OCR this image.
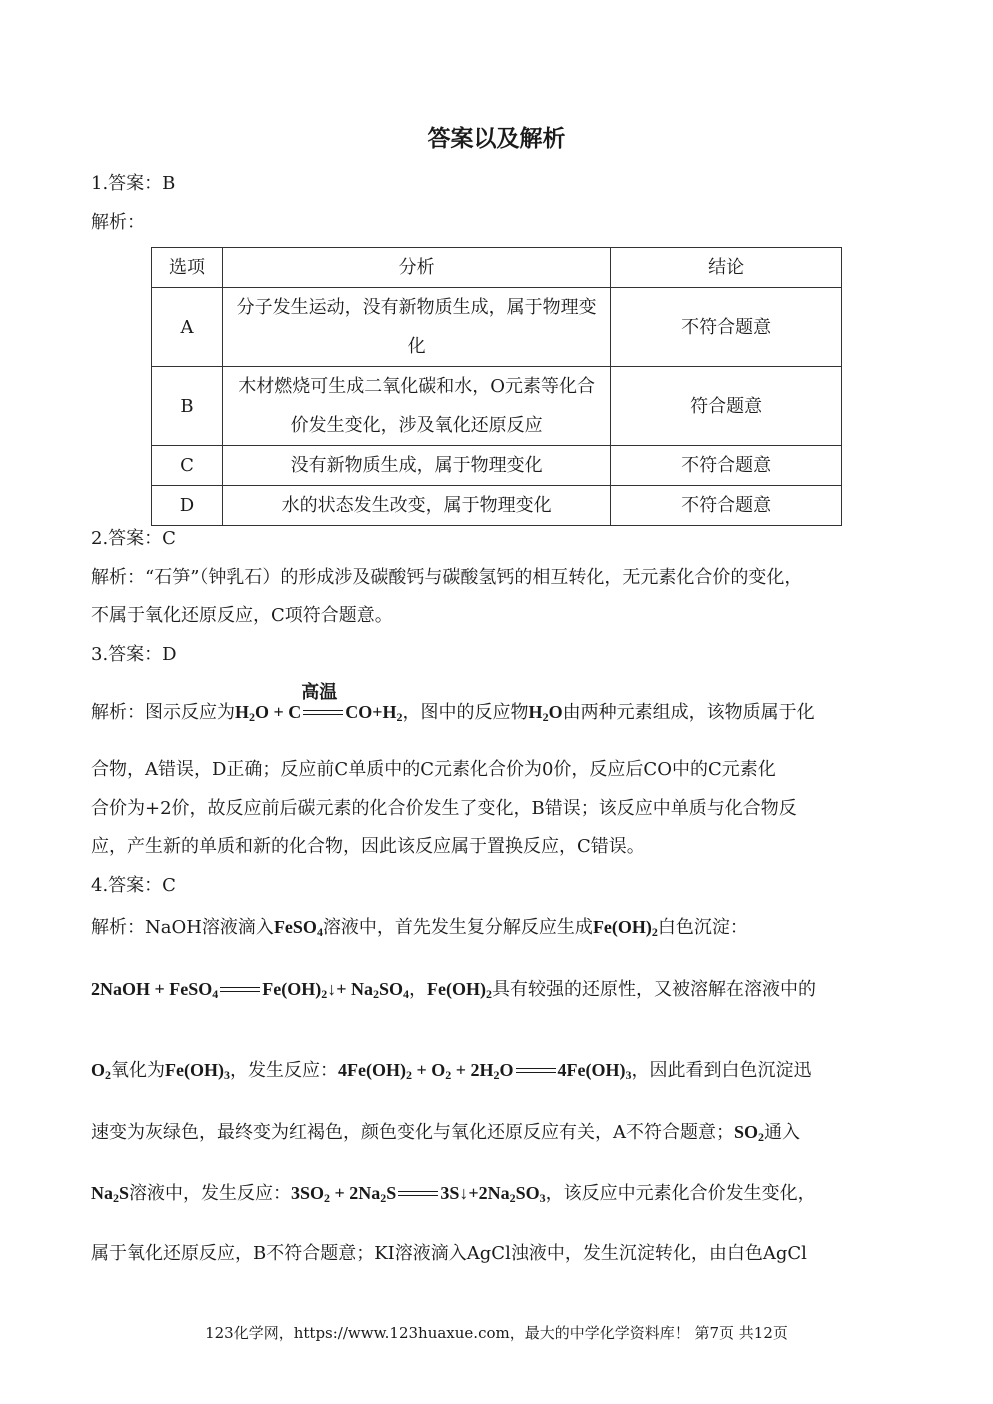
答案以及解析
1.答案：B
解析：
选项	分析	结论
A	分子发生运动，没有新物质生成，属于物理变化	不符合题意
B	木材燃烧可生成二氧化碳和水，O元素等化合价发生变化，涉及氧化还原反应	符合题意
C	没有新物质生成，属于物理变化	不符合题意
D	水的状态发生改变，属于物理变化	不符合题意
2.答案：C
解析：“石笋”（钟乳石）的形成涉及碳酸钙与碳酸氢钙的相互转化，无元素化合价的变化，
不属于氧化还原反应，C项符合题意。
3.答案：D
解析：图示反应为$H_2O + C$
高温
$CO+H_2$，图中的反应物$H_2O$由两种元素组成，该物质属于化
合物，A错误，D正确；反应前C单质中的C元素化合价为0价，反应后CO中的C元素化
合价为+2价，故反应前后碳元素的化合价发生了变化，B错误；该反应中单质与化合物反
应，产生新的单质和新的化合物，因此该反应属于置换反应，C错误。
4.答案：C
解析：NaOH溶液滴入FeSO$_4$溶液中，首先发生复分解反应生成$Fe(OH)_2$白色沉淀：
2NaOH + FeSO$_4$ $Fe(OH)_2↓+ Na_2SO_4$，$Fe(OH)_2$具有较强的还原性，又被溶解在溶液中的
$O_2$氧化为$Fe(OH)_3$，发生反应：$4Fe(OH)_2 + O_2 + 2H_2O$ $4Fe(OH)_3$，因此看到白色沉淀迅
速变为灰绿色，最终变为红褐色，颜色变化与氧化还原反应有关，A不符合题意；$SO_2$通入
$Na_2S$溶液中，发生反应：$3SO_2 + 2Na_2S$ $3S↓+2Na_2SO_3$，该反应中元素化合价发生变化，
属于氧化还原反应，B不符合题意；KI溶液滴入AgCl浊液中，发生沉淀转化，由白色AgCl
123化学网，https://www.123huaxue.com，最大的中学化学资料库！ 第7页 共12页
